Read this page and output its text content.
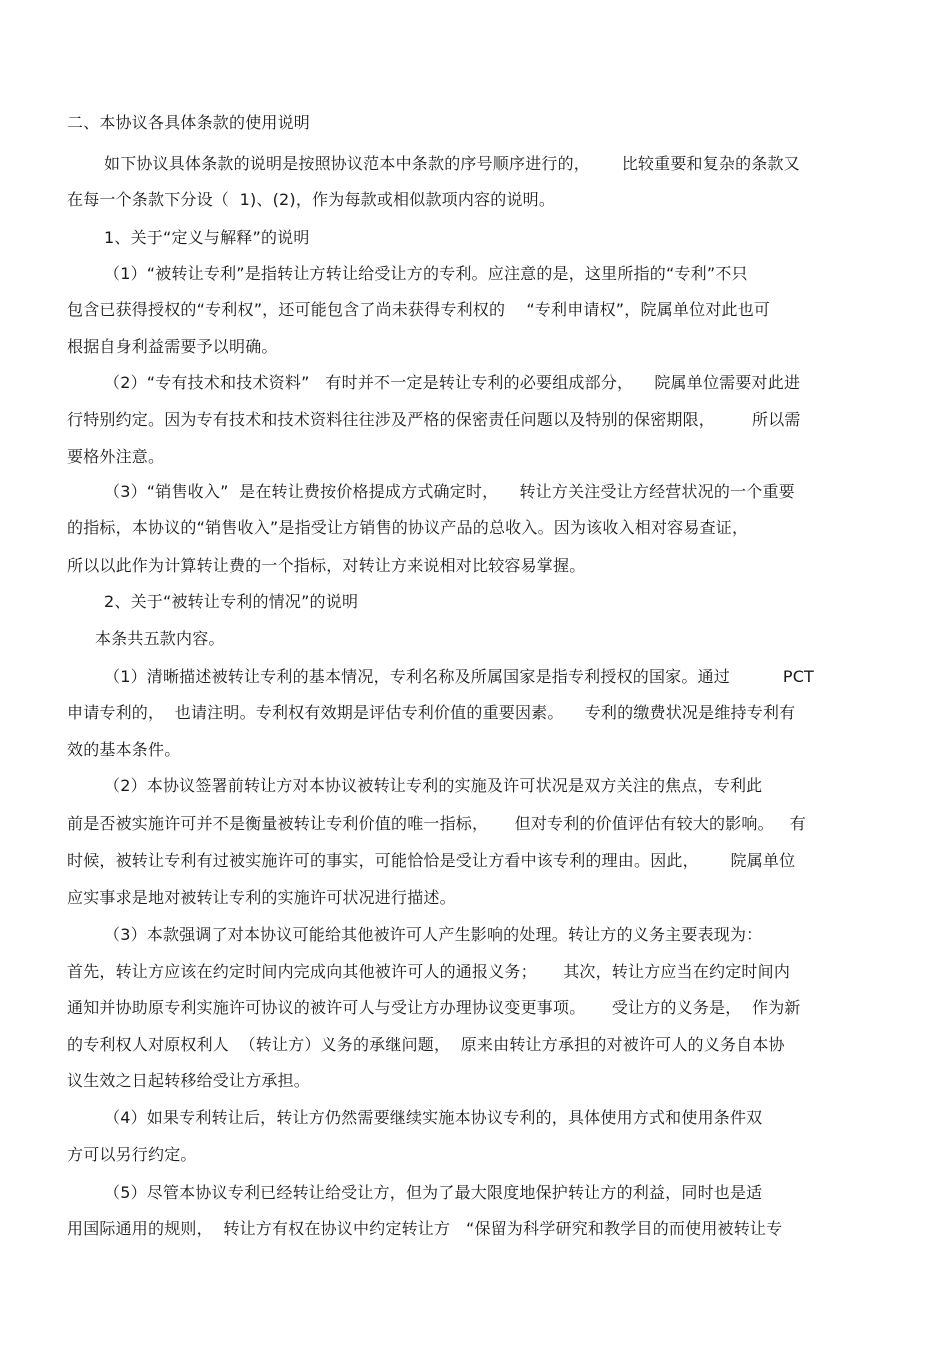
二、本协议各具体条款的使用说明
如下协议具体条款的说明是按照协议范本中条款的序号顺序进行的，      比较重要和复杂的条款又
在每一个条款下分设（  1)、(2)，作为每款或相似款项内容的说明。
1、关于“定义与解释”的说明
（1）“被转让专利”是指转让方转让给受让方的专利。应注意的是，这里所指的“专利”不只
包含已获得授权的“专利权”，还可能包含了尚未获得专利权的    “专利申请权”，院属单位对此也可
根据自身利益需要予以明确。
（2）“专有技术和技术资料”   有时并不一定是转让专利的必要组成部分，    院属单位需要对此进
行特别约定。因为专有技术和技术资料往往涉及严格的保密责任问题以及特别的保密期限，       所以需
要格外注意。
（3）“销售收入”  是在转让费按价格提成方式确定时，    转让方关注受让方经营状况的一个重要
的指标，本协议的“销售收入”是指受让方销售的协议产品的总收入。因为该收入相对容易查证，
所以以此作为计算转让费的一个指标，对转让方来说相对比较容易掌握。
2、关于“被转让专利的情况”的说明
本条共五款内容。
（1）清晰描述被转让专利的基本情况，专利名称及所属国家是指专利授权的国家。通过          PCT
申请专利的，  也请注明。专利权有效期是评估专利价值的重要因素。    专利的缴费状况是维持专利有
效的基本条件。
（2）本协议签署前转让方对本协议被转让专利的实施及许可状况是双方关注的焦点，专利此
前是否被实施许可并不是衡量被转让专利价值的唯一指标，     但对专利的价值评估有较大的影响。   有
时候，被转让专利有过被实施许可的事实，可能恰恰是受让方看中该专利的理由。因此，      院属单位
应实事求是地对被转让专利的实施许可状况进行描述。
（3）本款强调了对本协议可能给其他被许可人产生影响的处理。转让方的义务主要表现为：
首先，转让方应该在约定时间内完成向其他被许可人的通报义务；     其次，转让方应当在约定时间内
通知并协助原专利实施许可协议的被许可人与受让方办理协议变更事项。     受让方的义务是，  作为新
的专利权人对原权利人  （转让方）义务的承继问题，  原来由转让方承担的对被许可人的义务自本协
议生效之日起转移给受让方承担。
（4）如果专利转让后，转让方仍然需要继续实施本协议专利的，具体使用方式和使用条件双
方可以另行约定。
（5）尽管本协议专利已经转让给受让方，但为了最大限度地保护转让方的利益，同时也是适
用国际通用的规则，  转让方有权在协议中约定转让方   “保留为科学研究和教学目的而使用被转让专
